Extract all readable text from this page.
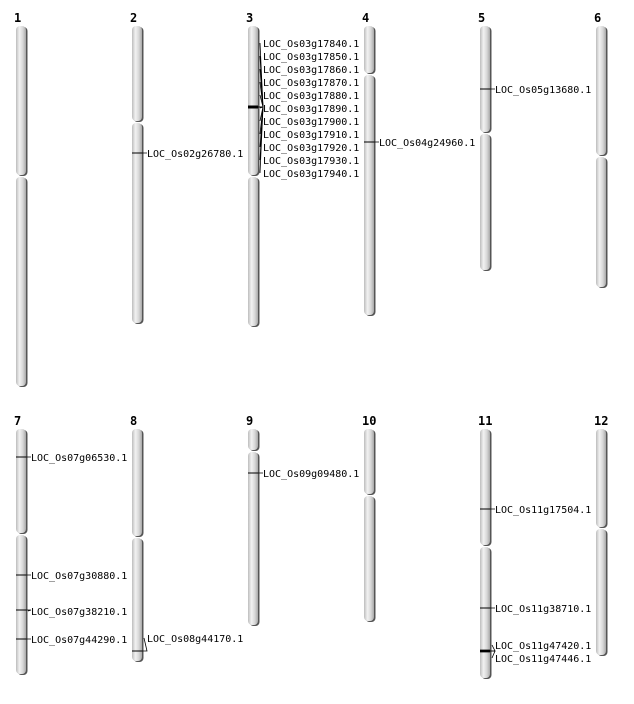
LOC_Os02g26780.1
LOC_Os03g17840.1
LOC_Os03g17850.1
LOC_Os03g17860.1
LOC_Os03g17870.1
LOC_Os03g17880.1
LOC_Os03g17890.1
LOC_Os03g17900.1
LOC_Os03g17910.1
LOC_Os03g17920.1
LOC_Os03g17930.1
LOC_Os03g17940.1
LOC_Os04g24960.1
LOC_Os05g13680.1
LOC_Os07g06530.1
LOC_Os07g30880.1
LOC_Os07g38210.1
LOC_Os07g44290.1 LOC_Os08g44170.1
LOC_Os09g09480.1
LOC_Os11g17504.1
LOC_Os11g38710.1
LOC_Os11g47420.1
LOC_Os11g47446.1
1	2	3	4	5	6
7	8	9	10	11	12
